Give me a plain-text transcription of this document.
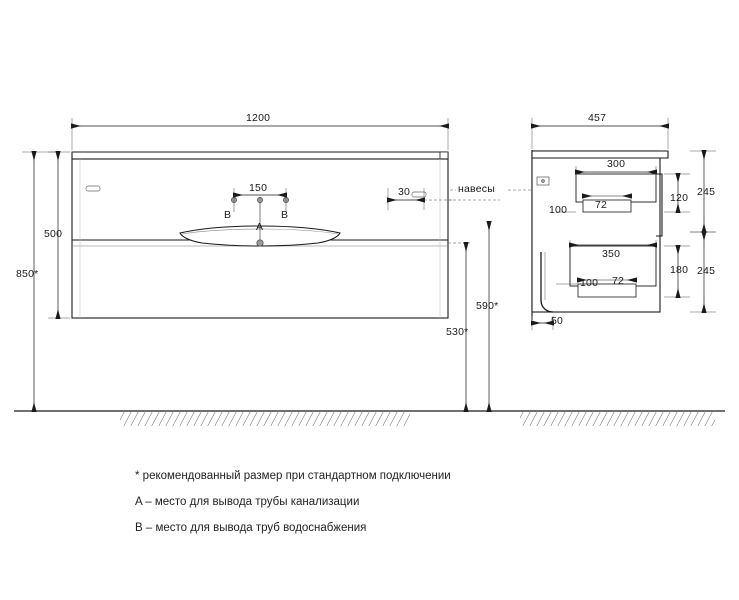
1200
150	30
500
850*
590*
530*
B	B
A
457
300
72
100
120 245
350
72
100
180 245
50
навесы
* рекомендованный размер при стандартном подключении
A – место для вывода трубы канализации
B – место для вывода труб водоснабжения
